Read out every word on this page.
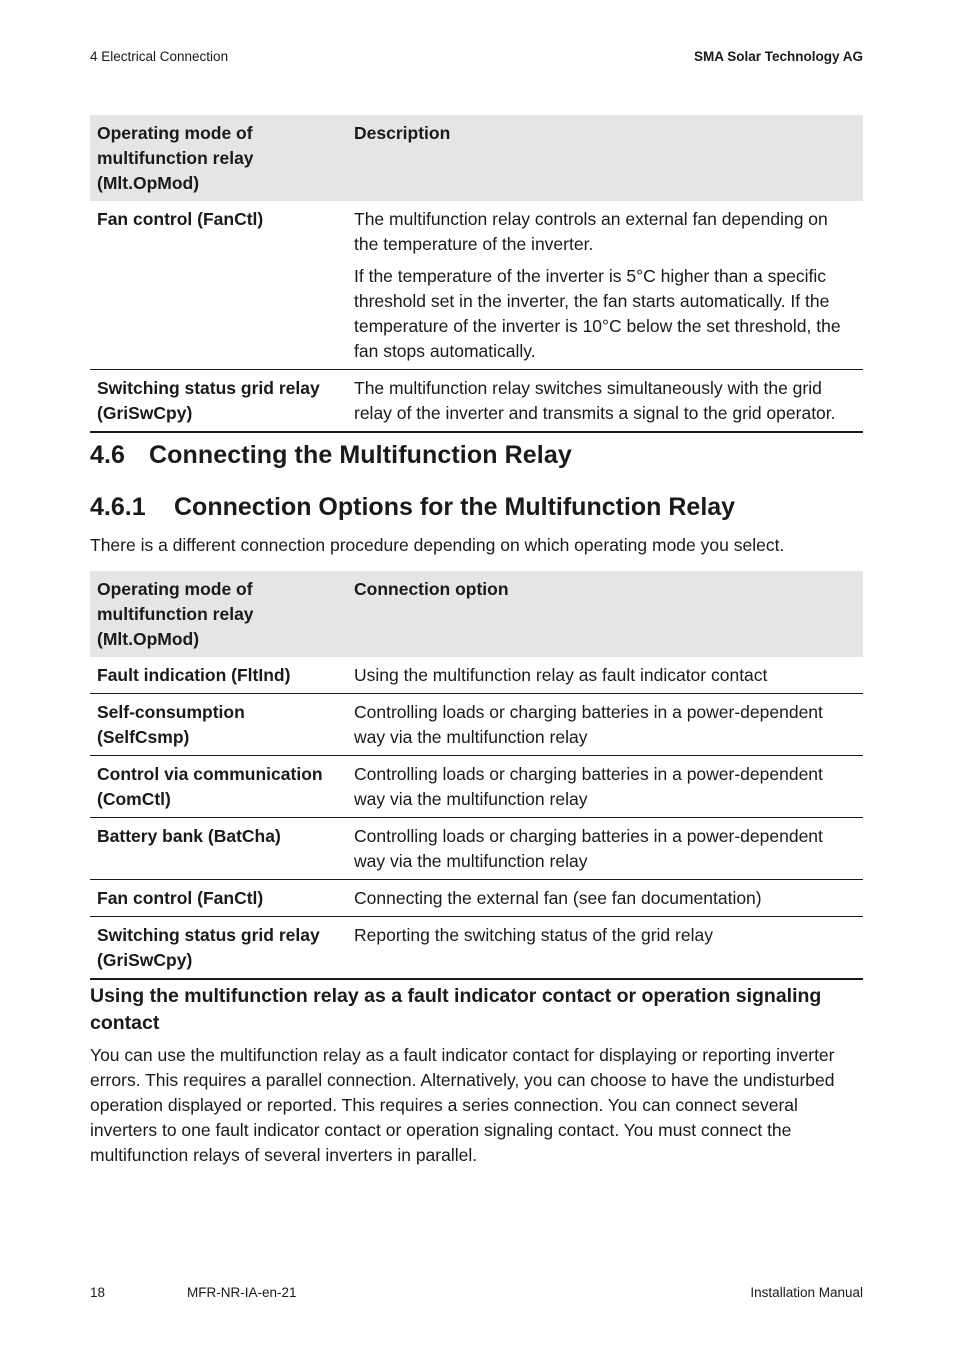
4 Electrical Connection	SMA Solar Technology AG
Operating mode of multifunction relay (Mlt.OpMod)	Description
Fan control (FanCtl)	The multifunction relay controls an external fan depending on the temperature of the inverter.

If the temperature of the inverter is 5°C higher than a specific threshold set in the inverter, the fan starts automatically. If the temperature of the inverter is 10°C below the set threshold, the fan stops automatically.

Switching status grid relay (GriSwCpy)	The multifunction relay switches simultaneously with the grid relay of the inverter and transmits a signal to the grid operator.
4.6 Connecting the Multifunction Relay
4.6.1 Connection Options for the Multifunction Relay
There is a different connection procedure depending on which operating mode you select.
Operating mode of multifunction relay (Mlt.OpMod)	Connection option
Fault indication (FltInd)	Using the multifunction relay as fault indicator contact
Self-consumption (SelfCsmp)	Controlling loads or charging batteries in a power-dependent way via the multifunction relay
Control via communication (ComCtl)	Controlling loads or charging batteries in a power-dependent way via the multifunction relay
Battery bank (BatCha)	Controlling loads or charging batteries in a power-dependent way via the multifunction relay
Fan control (FanCtl)	Connecting the external fan (see fan documentation)
Switching status grid relay (GriSwCpy)	Reporting the switching status of the grid relay
Using the multifunction relay as a fault indicator contact or operation signaling contact
You can use the multifunction relay as a fault indicator contact for displaying or reporting inverter errors. This requires a parallel connection. Alternatively, you can choose to have the undisturbed operation displayed or reported. This requires a series connection. You can connect several inverters to one fault indicator contact or operation signaling contact. You must connect the multifunction relays of several inverters in parallel.
18	MFR-NR-IA-en-21	Installation Manual
